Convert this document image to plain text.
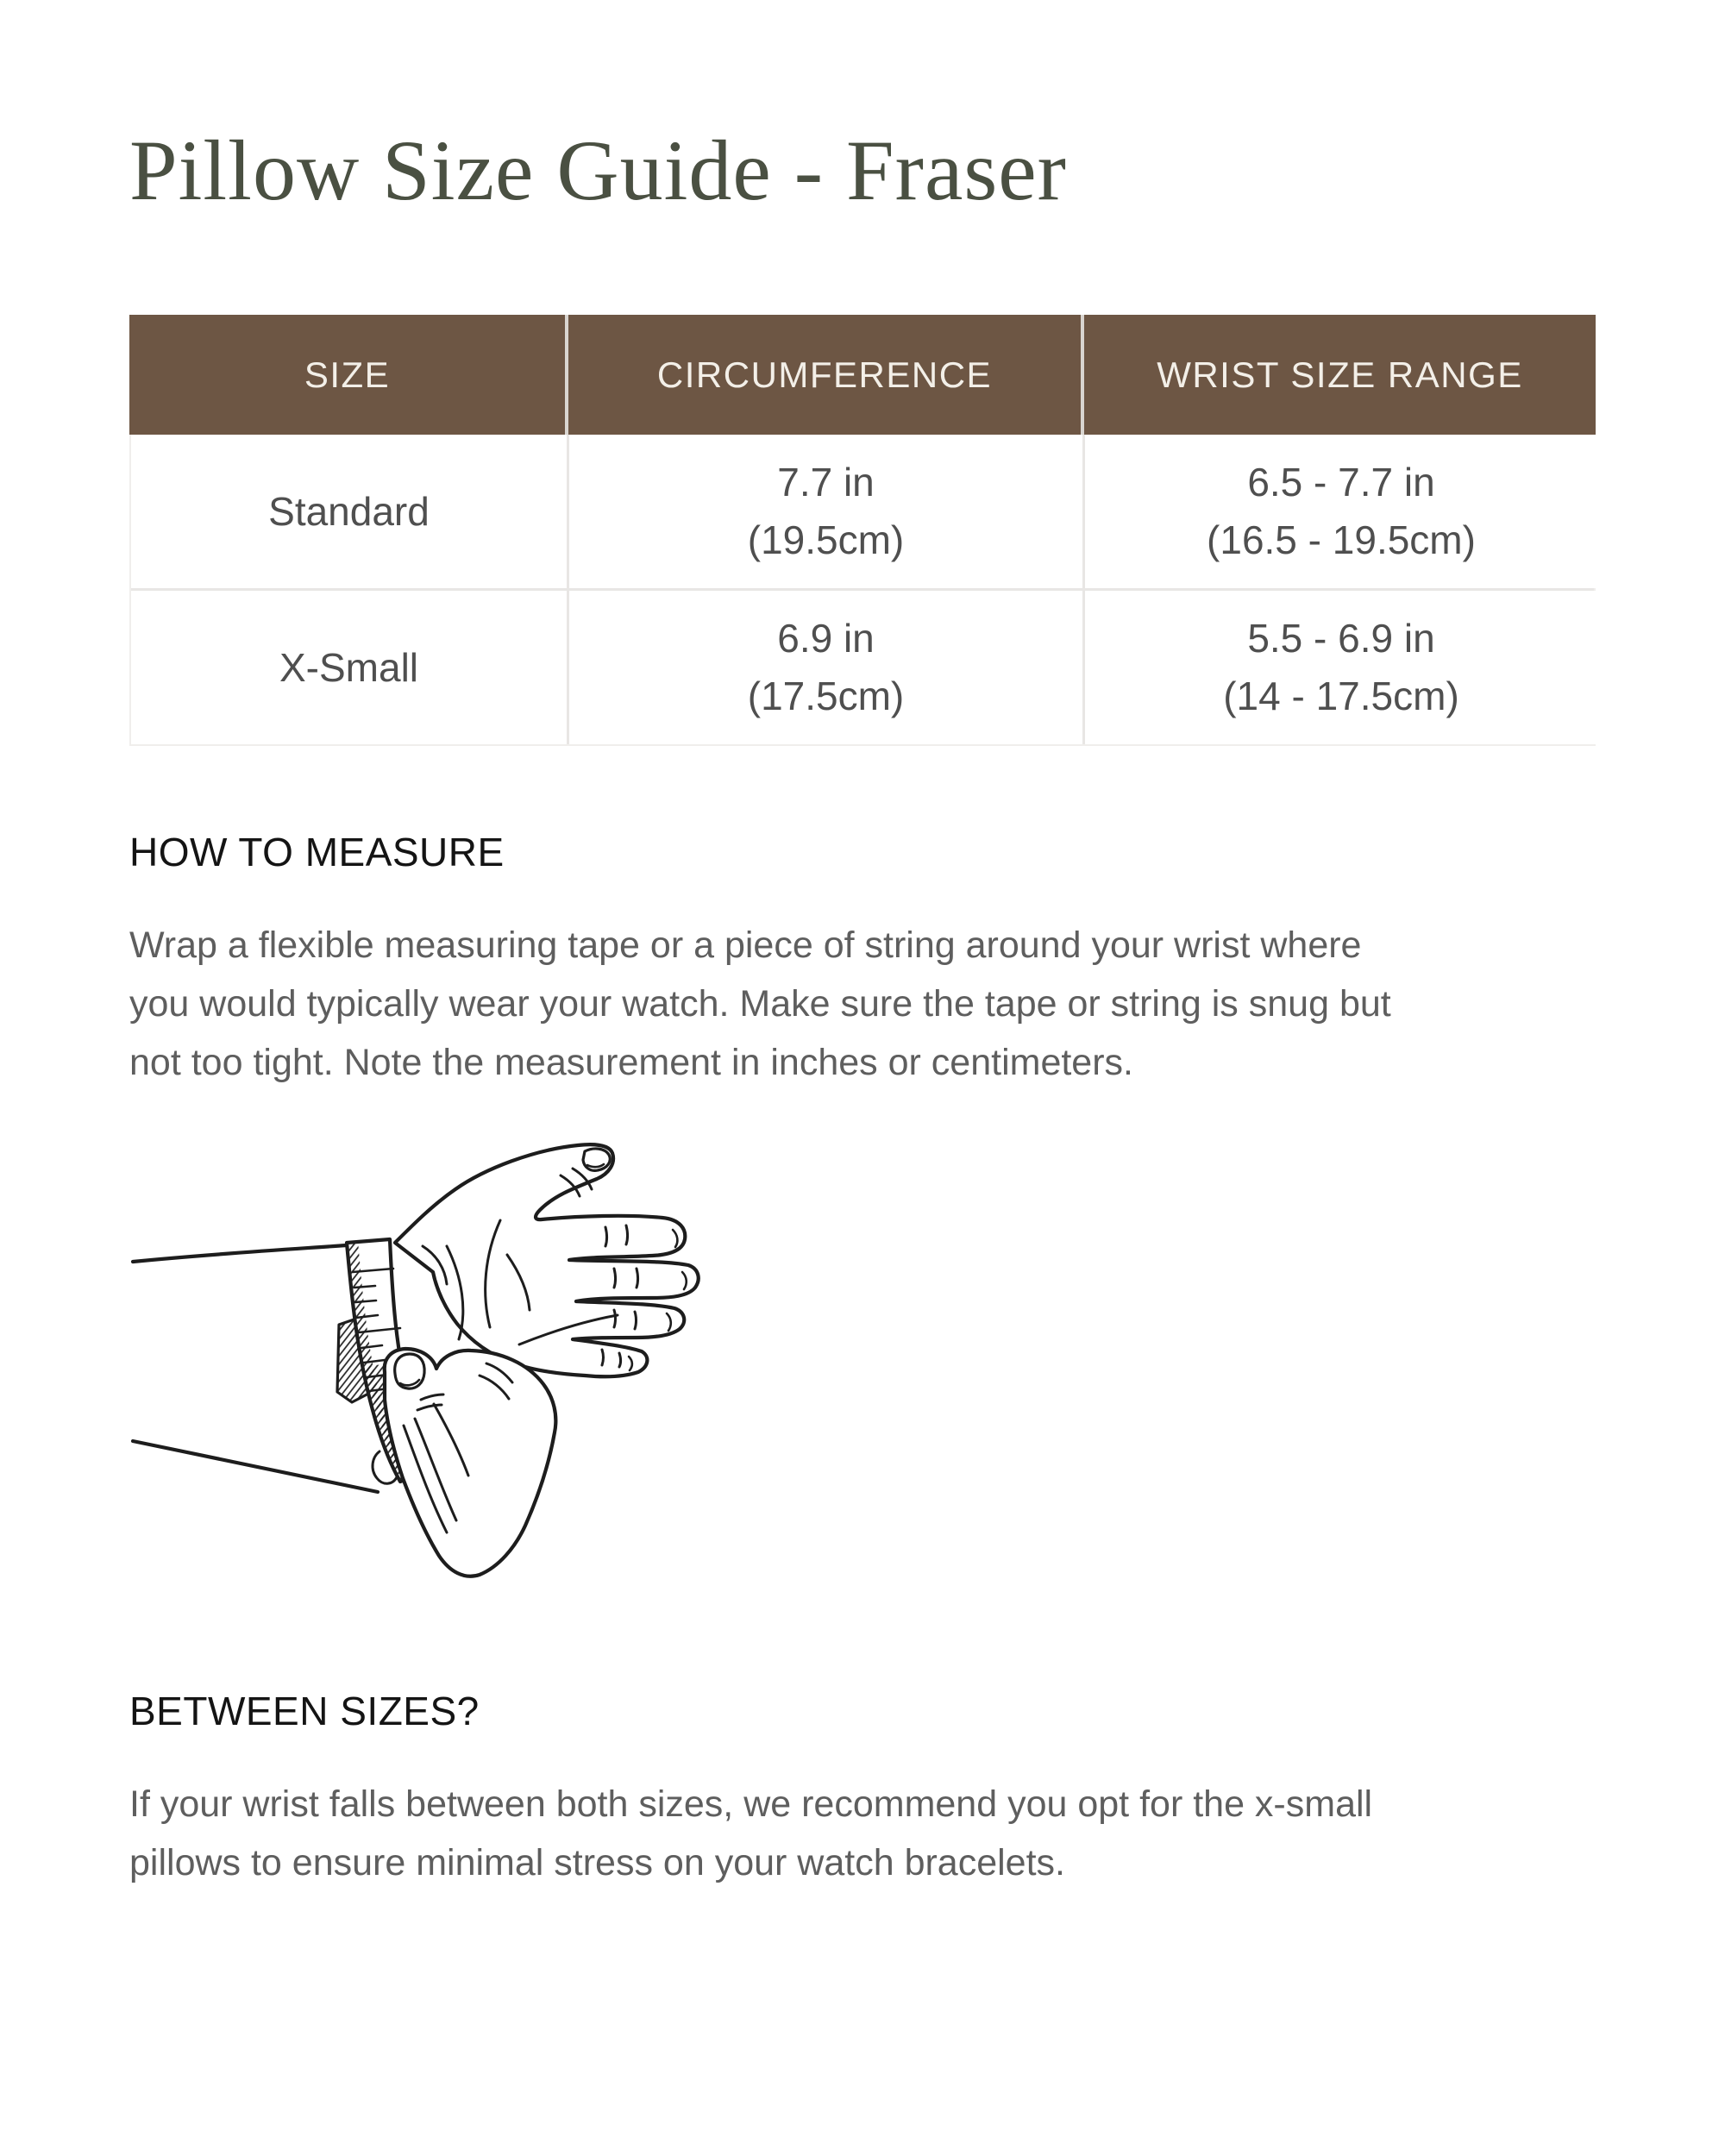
Pillow Size Guide - Fraser
SIZE	CIRCUMFERENCE	WRIST SIZE RANGE
Standard
7.7 in
(19.5cm)
6.5 - 7.7 in
(16.5 - 19.5cm)
X-Small
6.9 in
(17.5cm)
5.5 - 6.9 in
(14 - 17.5cm)
HOW TO MEASURE

Wrap a flexible measuring tape or a piece of string around your wrist where
you would typically wear your watch. Make sure the tape or string is snug but
not too tight. Note the measurement in inches or centimeters.

BETWEEN SIZES?

If your wrist falls between both sizes, we recommend you opt for the x-small
pillows to ensure minimal stress on your watch bracelets.
